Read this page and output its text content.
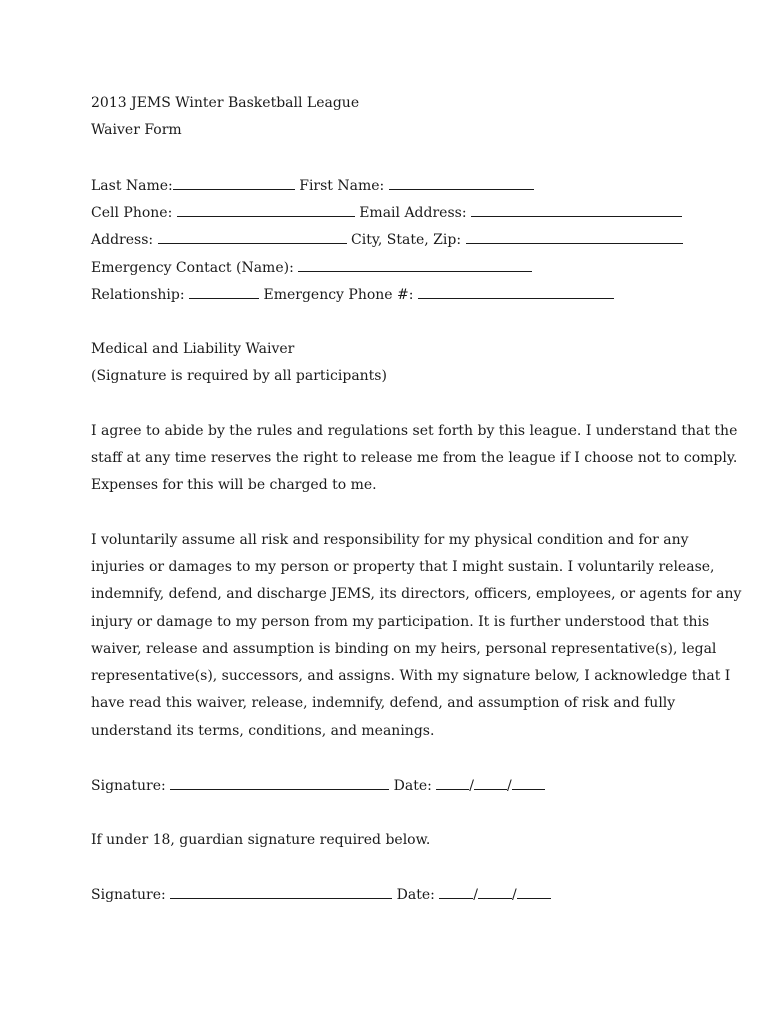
2013 JEMS Winter Basketball League
Waiver Form
Last Name:	First Name:
Cell Phone:	Email Address:
Address:	City, State, Zip:
Emergency Contact (Name):
Relationship:	Emergency Phone #:
Medical and Liability Waiver
(Signature is required by all participants)
I agree to abide by the rules and regulations set forth by this league. I understand that the
staff at any time reserves the right to release me from the league if I choose not to comply.
Expenses for this will be charged to me.
I voluntarily assume all risk and responsibility for my physical condition and for any
injuries or damages to my person or property that I might sustain. I voluntarily release,
indemnify, defend, and discharge JEMS, its directors, officers, employees, or agents for any
injury or damage to my person from my participation. It is further understood that this
waiver, release and assumption is binding on my heirs, personal representative(s), legal
representative(s), successors, and assigns. With my signature below, I acknowledge that I
have read this waiver, release, indemnify, defend, and assumption of risk and fully
understand its terms, conditions, and meanings.
Signature:	Date:	/ /
If under 18, guardian signature required below.
Signature:	Date:	/ /
